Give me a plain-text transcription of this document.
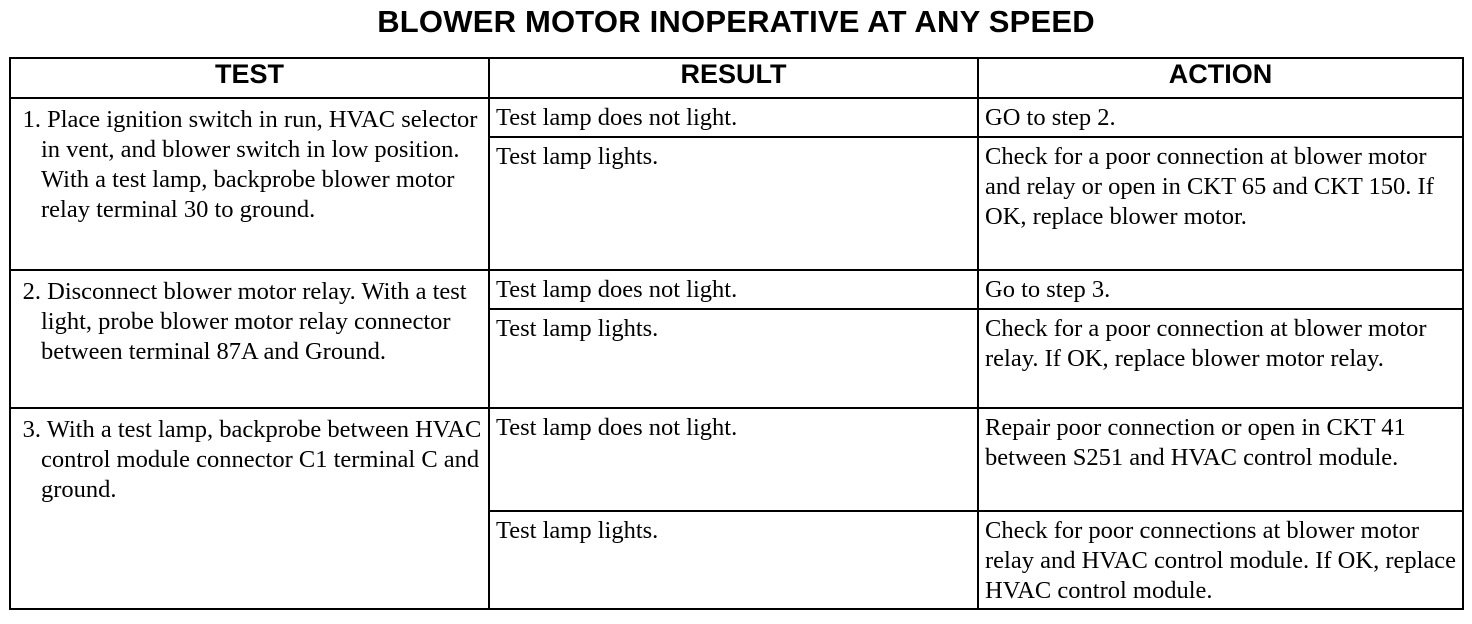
BLOWER MOTOR INOPERATIVE AT ANY SPEED
TEST	RESULT	ACTION

1. Place ignition switch in run, HVAC selector in vent, and blower switch in low position. With a test lamp, backprobe blower motor relay terminal 30 to ground.	Test lamp does not light.	GO to step 2.

	Test lamp lights.	Check for a poor connection at blower motor and relay or open in CKT 65 and CKT 150. If OK, replace blower motor.

2. Disconnect blower motor relay. With a test light, probe blower motor relay connector between terminal 87A and Ground.	Test lamp does not light.	Go to step 3.

	Test lamp lights.	Check for a poor connection at blower motor relay. If OK, replace blower motor relay.

3. With a test lamp, backprobe between HVAC control module connector C1 terminal C and ground.	Test lamp does not light.	Repair poor connection or open in CKT 41 between S251 and HVAC control module.

	Test lamp lights.	Check for poor connections at blower motor relay and HVAC control module. If OK, replace HVAC control module.
